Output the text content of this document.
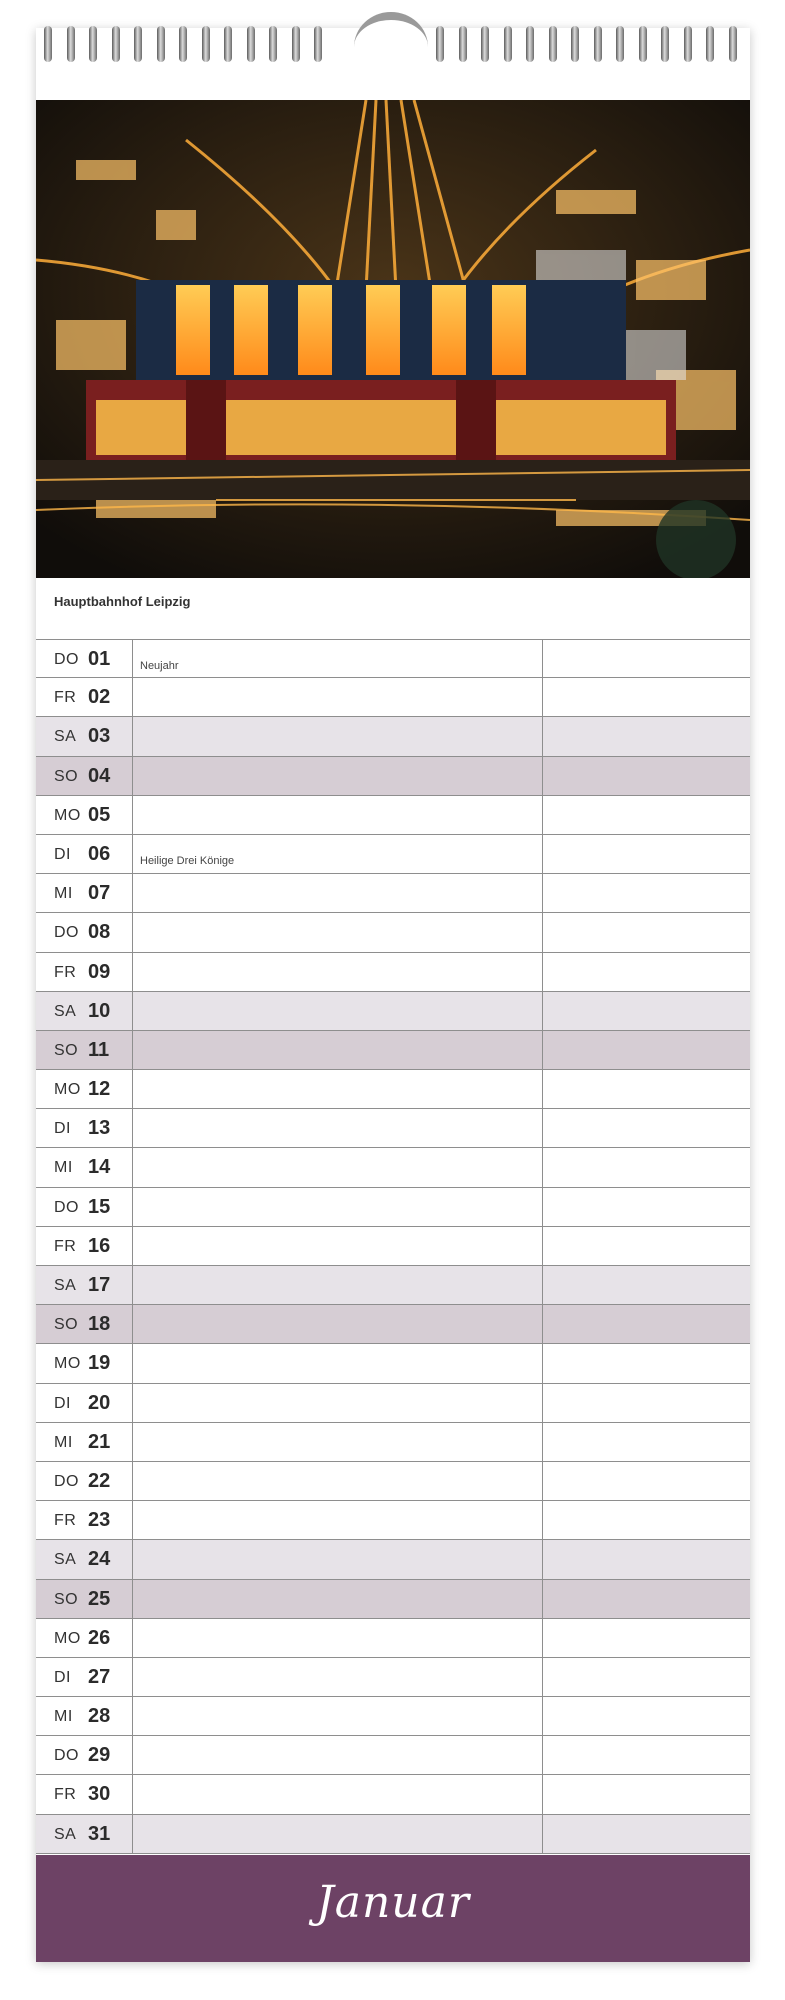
Hauptbahnhof Leipzig
DO 01	Neujahr
FR 02
SA 03
SO 04
MO 05
DI 06	Heilige Drei Könige
MI 07
DO 08
FR 09
SA 10
SO 11
MO 12
DI 13
MI 14
DO 15
FR 16
SA 17
SO 18
MO 19
DI 20
MI 21
DO 22
FR 23
SA 24
SO 25
MO 26
DI 27
MI 28
DO 29
FR 30
SA 31
Januar
